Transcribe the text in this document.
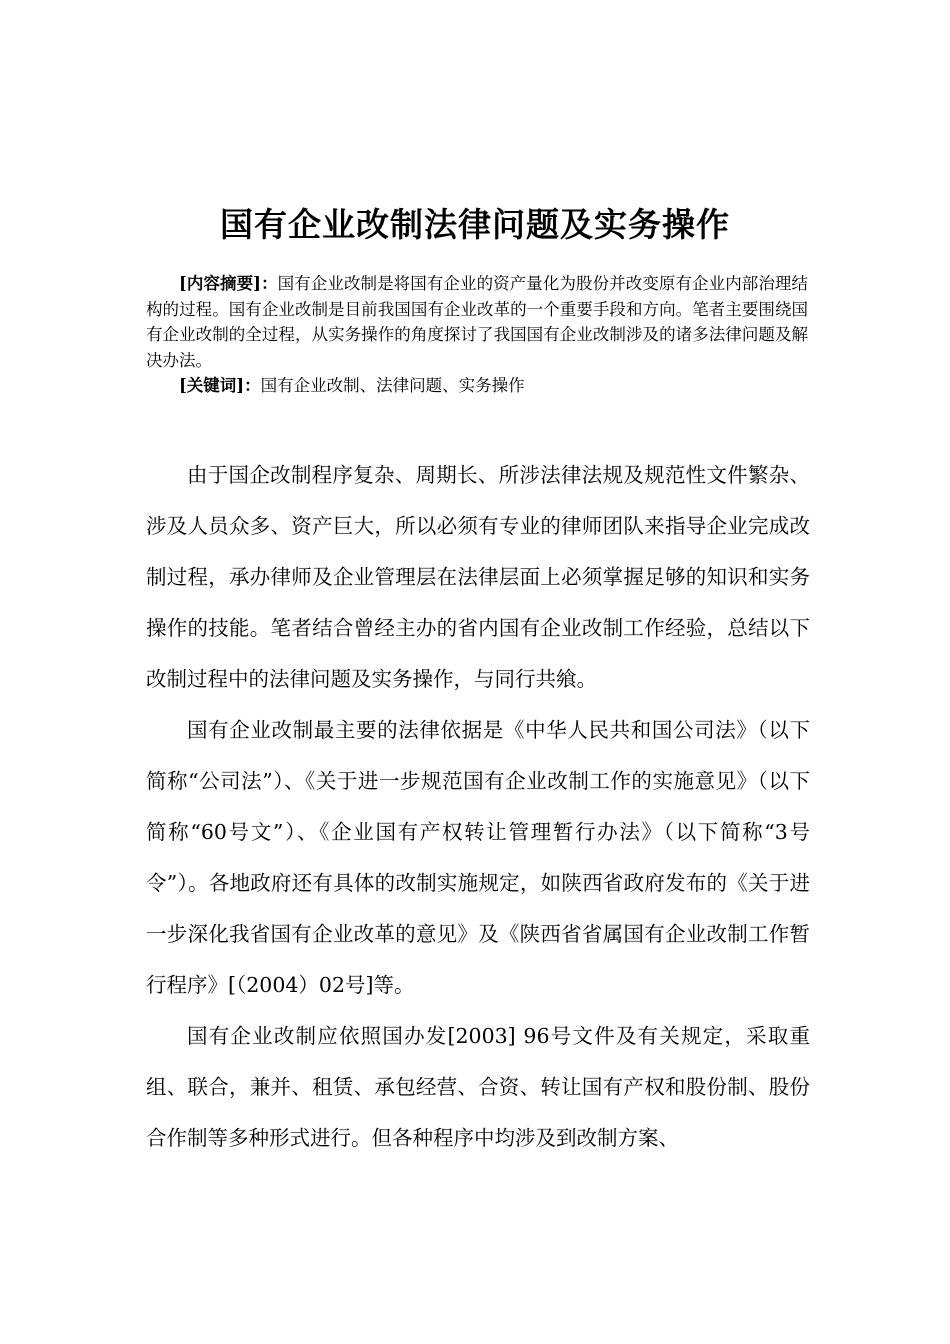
国有企业改制法律问题及实务操作

[内容摘要]：国有企业改制是将国有企业的资产量化为股份并改变原有企业内部治理结构的过程。国有企业改制是目前我国国有企业改革的一个重要手段和方向。笔者主要围绕国有企业改制的全过程，从实务操作的角度探讨了我国国有企业改制涉及的诸多法律问题及解决办法。

[关键词]：国有企业改制、法律问题、实务操作

由于国企改制程序复杂、周期长、所涉法律法规及规范性文件繁杂、涉及人员众多、资产巨大，所以必须有专业的律师团队来指导企业完成改制过程，承办律师及企业管理层在法律层面上必须掌握足够的知识和实务操作的技能。笔者结合曾经主办的省内国有企业改制工作经验，总结以下改制过程中的法律问题及实务操作，与同行共飨。

国有企业改制最主要的法律依据是《中华人民共和国公司法》（以下简称“公司法”）、《关于进一步规范国有企业改制工作的实施意见》（以下简称“60号文”）、《企业国有产权转让管理暂行办法》（以下简称“3号令”）。各地政府还有具体的改制实施规定，如陕西省政府发布的《关于进一步深化我省国有企业改革的意见》及《陕西省省属国有企业改制工作暂行程序》[（2004）02号]等。

国有企业改制应依照国办发[2003] 96号文件及有关规定，采取重组、联合，兼并、租赁、承包经营、合资、转让国有产权和股份制、股份合作制等多种形式进行。但各种程序中均涉及到改制方案、
